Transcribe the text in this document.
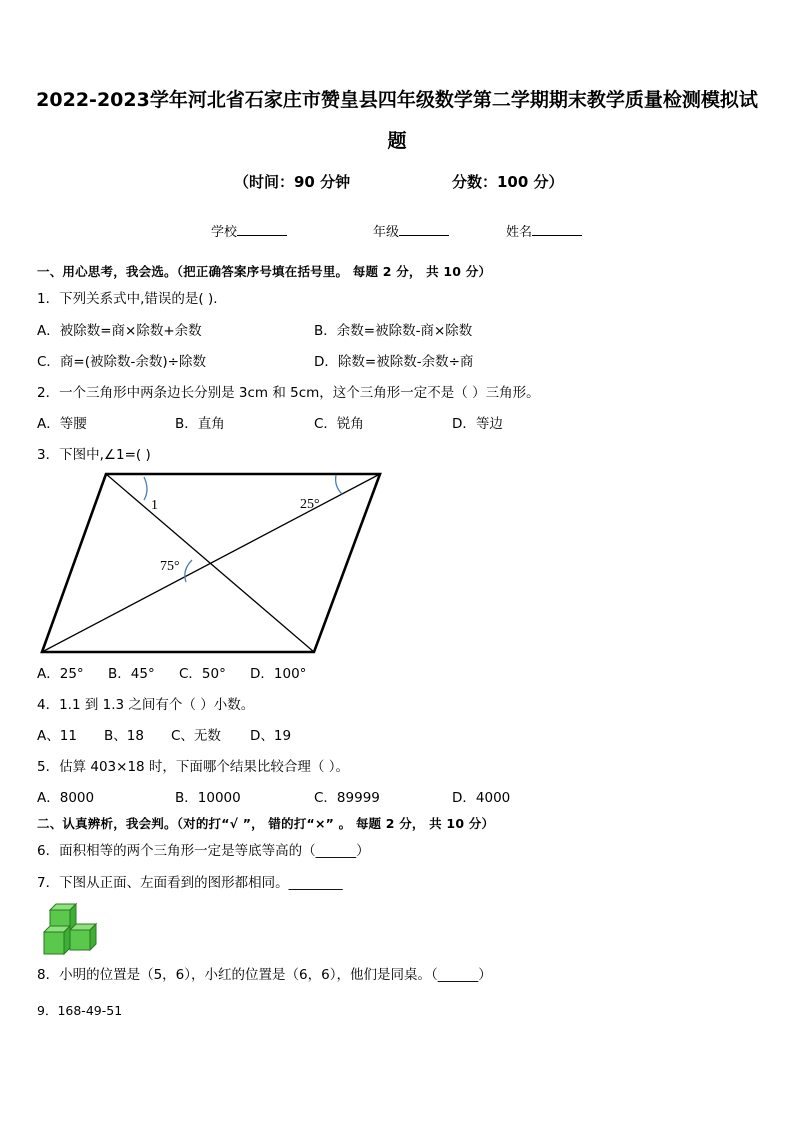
2022-2023学年河北省石家庄市赞皇县四年级数学第二学期期末教学质量检测模拟试
题
（时间：90 分钟	分数：100 分）
学校	年级	姓名
一、用心思考，我会选。（把正确答案序号填在括号里。 每题 2 分， 共 10 分）
1．下列关系式中,错误的是( ).
A．被除数=商×除数+余数	B．余数=被除数-商×除数
C．商=(被除数-余数)÷除数	D．除数=被除数-余数÷商
2．一个三角形中两条边长分别是 3cm 和 5cm，这个三角形一定不是（ ）三角形。
A．等腰	B．直角	C．锐角	D．等边
3．下图中,∠1=( )
1	25°
75°
A．25° B．45° C．50° D．100°
4．1.1 到 1.3 之间有个（ ）小数。
A、11 B、18 C、无数 D、19
5．估算 403×18 时，下面哪个结果比较合理（ ）。
A．8000	B．10000	C．89999	D．4000
二、认真辨析，我会判。（对的打“√ ”， 错的打“×” 。 每题 2 分， 共 10 分）
6．面积相等的两个三角形一定是等底等高的（______）
7．下图从正面、左面看到的图形都相同。________
8．小明的位置是（5，6），小红的位置是（6，6），他们是同桌。（______）
9．168-49-51
